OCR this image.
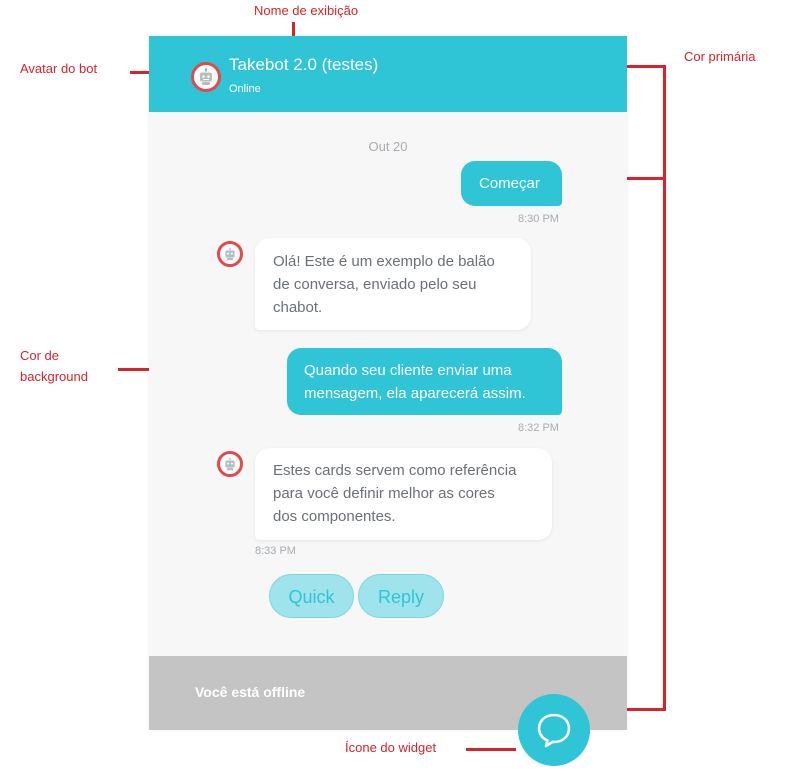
Nome de exibição
Avatar do bot
Cor primária
Cor de
background
Ícone do widget
Takebot 2.0 (testes)
Online
Out 20
Começar
8:30 PM
Olá! Este é um exemplo de balão
de conversa, enviado pelo seu
chabot.
Quando seu cliente enviar uma
mensagem, ela aparecerá assim.
8:32 PM
Estes cards servem como referência
para você definir melhor as cores
dos componentes.
8:33 PM
Quick	Reply
Você está offline
